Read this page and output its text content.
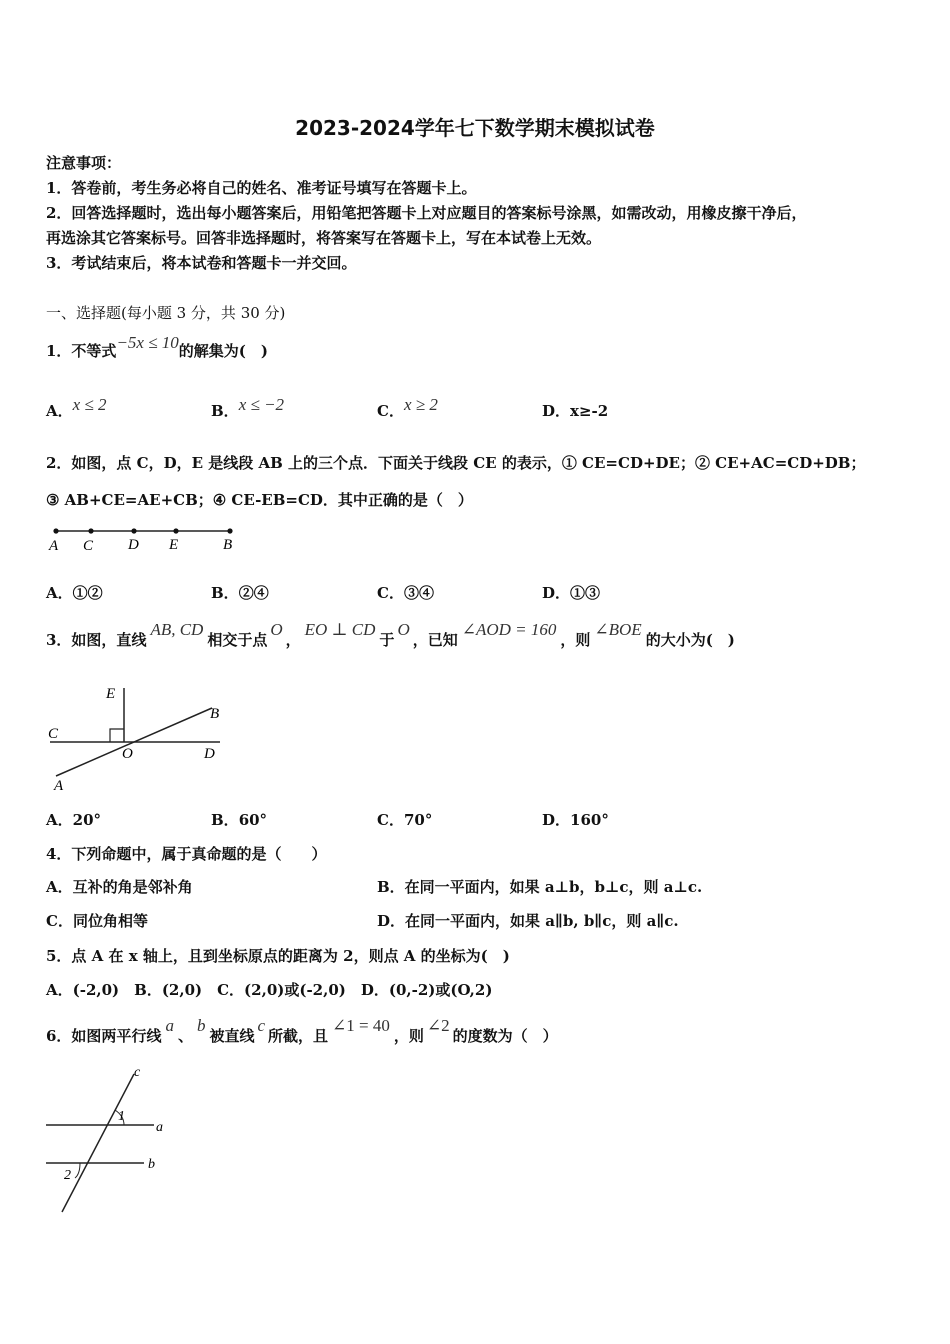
2023-2024学年七下数学期末模拟试卷
注意事项：
1．答卷前，考生务必将自己的姓名、准考证号填写在答题卡上。
2．回答选择题时，选出每小题答案后，用铅笔把答题卡上对应题目的答案标号涂黑，如需改动，用橡皮擦干净后，
再选涂其它答案标号。回答非选择题时，将答案写在答题卡上，写在本试卷上无效。
3．考试结束后，将本试卷和答题卡一并交回。
一、选择题(每小题 3 分，共 30 分)
1．不等式−5x ≤ 10的解集为(　)
A．x ≤ 2	B．x ≤ −2	C．x ≥ 2	D．x≥-2
2．如图，点 C，D，E 是线段 AB 上的三个点．下面关于线段 CE 的表示，① CE=CD+DE；② CE+AC=CD+DB；
③ AB+CE=AE+CB；④ CE-EB=CD．其中正确的是（　）
A C D E	B
A．①②	B．②④	C．③④	D．①③
3．如图，直线AB, CD相交于点O，EO ⊥ CD于O，已知∠AOD = 160，则∠BOE的大小为(　)
E
B
C
O	D
A
A．20°	B．60°	C．70°	D．160°
4．下列命题中，属于真命题的是（　　）
A．互补的角是邻补角	B．在同一平面内，如果 a⊥b，b⊥c，则 a⊥c.
C．同位角相等	D．在同一平面内，如果 a∥b, b∥c，则 a∥c.
5．点 A 在 x 轴上，且到坐标原点的距离为 2，则点 A 的坐标为(　)
A．(-2,0)　B．(2,0)　C．(2,0)或(-2,0)　D．(0,-2)或(O,2)
6．如图两平行线a、b被直线c所截，且∠1 = 40，则∠2的度数为（　）
c
a
b
1
2
